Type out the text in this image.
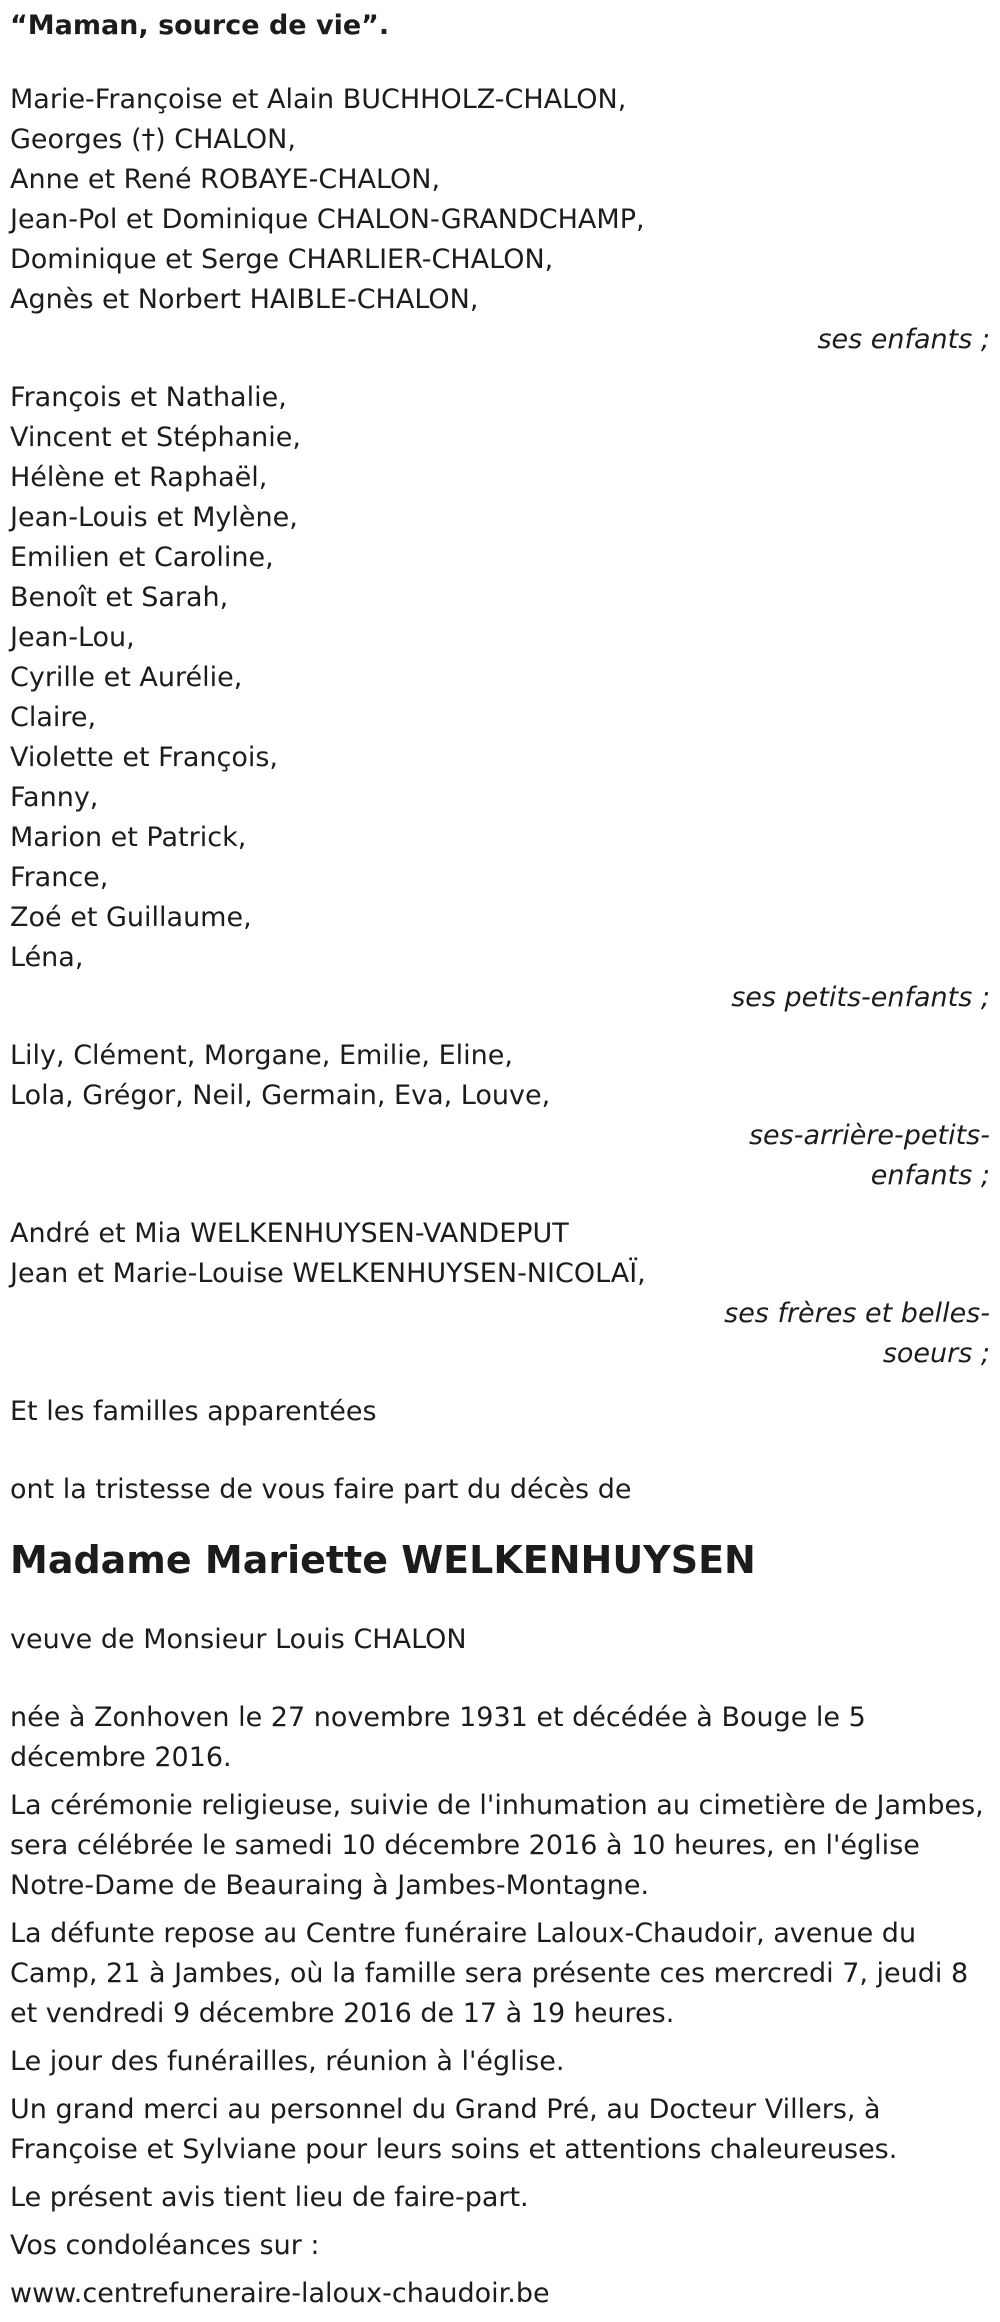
“Maman, source de vie”.
Marie-Françoise et Alain BUCHHOLZ-CHALON,
Georges (†) CHALON,
Anne et René ROBAYE-CHALON,
Jean-Pol et Dominique CHALON-GRANDCHAMP,
Dominique et Serge CHARLIER-CHALON,
Agnès et Norbert HAIBLE-CHALON,
ses enfants ;
François et Nathalie,
Vincent et Stéphanie,
Hélène et Raphaël,
Jean-Louis et Mylène,
Emilien et Caroline,
Benoît et Sarah,
Jean-Lou,
Cyrille et Aurélie,
Claire,
Violette et François,
Fanny,
Marion et Patrick,
France,
Zoé et Guillaume,
Léna,
ses petits-enfants ;
Lily, Clément, Morgane, Emilie, Eline,
Lola, Grégor, Neil, Germain, Eva, Louve,
ses-arrière-petits-
enfants ;
André et Mia WELKENHUYSEN-VANDEPUT
Jean et Marie-Louise WELKENHUYSEN-NICOLAÏ,
ses frères et belles-
soeurs ;

Et les familles apparentées

ont la tristesse de vous faire part du décès de

Madame Mariette WELKENHUYSEN

veuve de Monsieur Louis CHALON

née à Zonhoven le 27 novembre 1931 et décédée à Bouge le 5 décembre 2016.

La cérémonie religieuse, suivie de l'inhumation au cimetière de Jambes, sera célébrée le samedi 10 décembre 2016 à 10 heures, en l'église Notre-Dame de Beauraing à Jambes-Montagne.

La défunte repose au Centre funéraire Laloux-Chaudoir, avenue du Camp, 21 à Jambes, où la famille sera présente ces mercredi 7, jeudi 8 et vendredi 9 décembre 2016 de 17 à 19 heures.

Le jour des funérailles, réunion à l'église.

Un grand merci au personnel du Grand Pré, au Docteur Villers, à Françoise et Sylviane pour leurs soins et attentions chaleureuses.

Le présent avis tient lieu de faire-part.

Vos condoléances sur :

www.centrefuneraire-laloux-chaudoir.be
